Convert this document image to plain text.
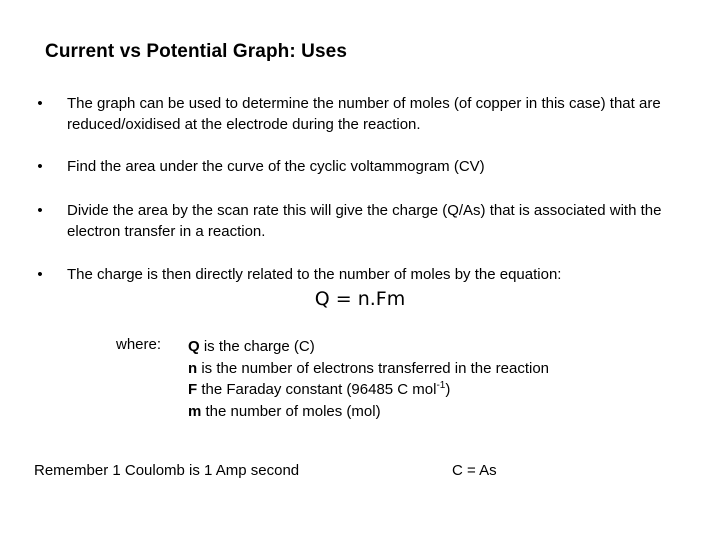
Current vs Potential Graph: Uses
•	The graph can be used to determine the number of moles (of copper in this case) that are reduced/oxidised at the electrode during the reaction.
•	Find the area under the curve of the cyclic voltammogram (CV)
•	Divide the area by the scan rate this will give the charge (Q/As) that is associated with the electron transfer in a reaction.
•	The charge is then directly related to the number of moles by the equation:
Q = n.Fm
where: Q is the charge (C)
n is the number of electrons transferred in the reaction
F the Faraday constant (96485 C mol$^{-1}$)
m the number of moles (mol)
Remember 1 Coulomb is 1 Amp second	C = As
